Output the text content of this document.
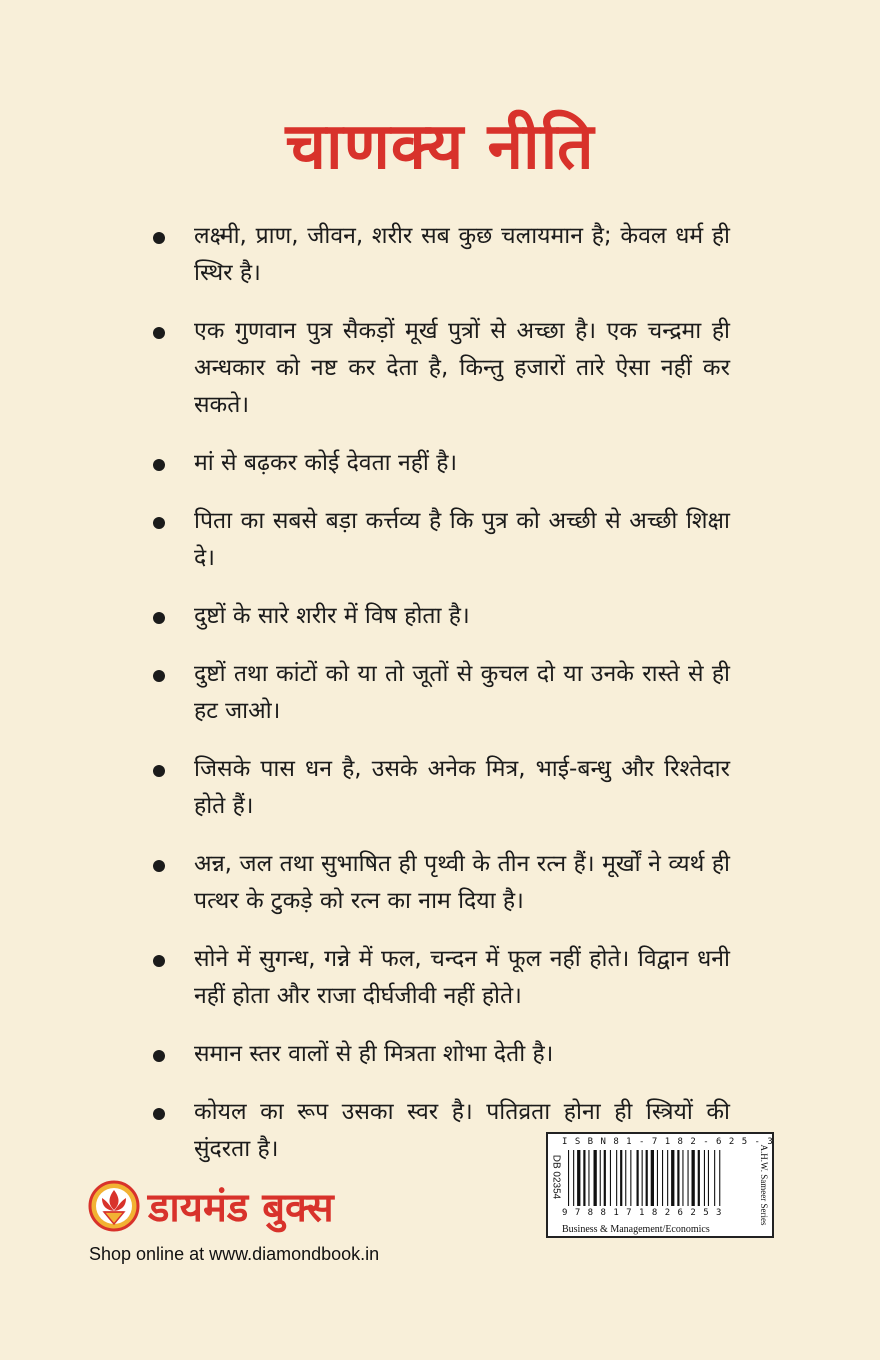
चाणक्य नीति
लक्ष्मी, प्राण, जीवन, शरीर सब कुछ चलायमान है; केवल धर्म ही स्थिर है।
एक गुणवान पुत्र सैकड़ों मूर्ख पुत्रों से अच्छा है। एक चन्द्रमा ही अन्धकार को नष्ट कर देता है, किन्तु हजारों तारे ऐसा नहीं कर सकते।
मां से बढ़कर कोई देवता नहीं है।
पिता का सबसे बड़ा कर्त्तव्य है कि पुत्र को अच्छी से अच्छी शिक्षा दे।
दुष्टों के सारे शरीर में विष होता है।
दुष्टों तथा कांटों को या तो जूतों से कुचल दो या उनके रास्ते से ही हट जाओ।
जिसके पास धन है, उसके अनेक मित्र, भाई-बन्धु और रिश्तेदार होते हैं।
अन्न, जल तथा सुभाषित ही पृथ्वी के तीन रत्न हैं। मूर्खों ने व्यर्थ ही पत्थर के टुकड़े को रत्न का नाम दिया है।
सोने में सुगन्ध, गन्ने में फल, चन्दन में फूल नहीं होते। विद्वान धनी नहीं होता और राजा दीर्घजीवी नहीं होते।
समान स्तर वालों से ही मित्रता शोभा देती है।
कोयल का रूप उसका स्वर है। पतिव्रता होना ही स्त्रियों की सुंदरता है।
डायमंड बुक्स
Shop online at www.diamondbook.in
DB 02354
I S B N 8 1 - 7 1 8 2 - 6 2 5 - 3
9 7 8 8 1 7 1 8 2 6 2 5 3
Business & Management/Economics
A.H.W. Sameer Series
